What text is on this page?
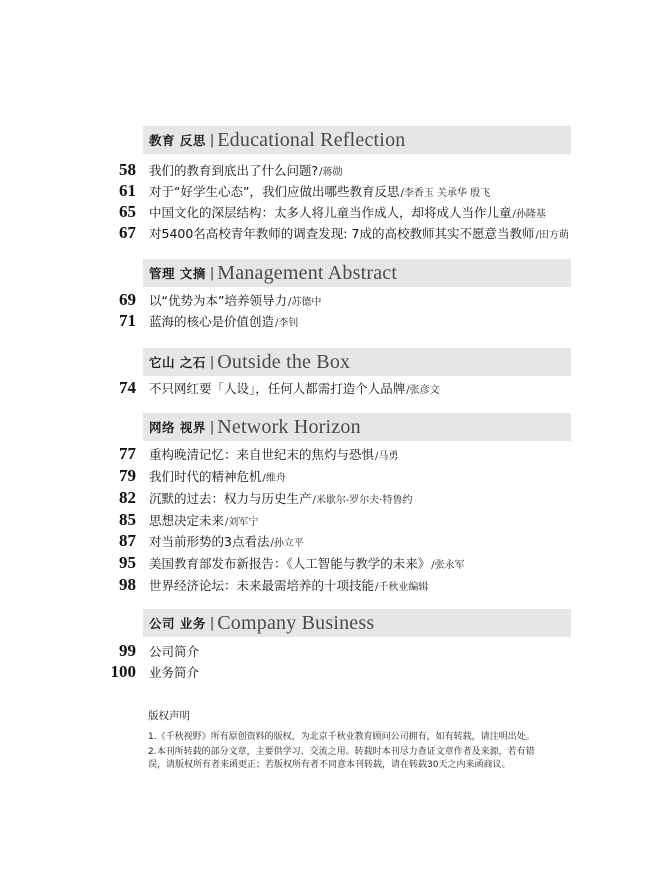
教育 反思 | Educational Reflection
58 我们的教育到底出了什么问题? /蒋勋
61 对于“好学生心态”，我们应做出哪些教育反思 /李香玉 关承华 殷飞
65 中国文化的深层结构：太多人将儿童当作成人，却将成人当作儿童 /孙隆基
67 对5400名高校青年教师的调查发现: 7成的高校教师其实不愿意当教师 /田方萌
管理 文摘 | Management Abstract
69 以“优势为本”培养领导力 /苏德中
71 蓝海的核心是价值创造 /李钊
它山 之石 | Outside the Box
74 不只网红要「人设」，任何人都需打造个人品牌 /张彦文
网络 视界 | Network Horizon
77 重构晚清记忆：来自世纪末的焦灼与恐惧 /马勇
79 我们时代的精神危机 /维舟
82 沉默的过去：权力与历史生产 /米歇尔-罗尔夫·特鲁约
85 思想决定未来 /刘军宁
87 对当前形势的3点看法 /孙立平
95 美国教育部发布新报告：《人工智能与教学的未来》 /张永军
98 世界经济论坛：未来最需培养的十项技能 /千秋业编辑
公司 业务 | Company Business
99 公司简介
100 业务简介
版权声明
1.《千秋视野》所有原创资料的版权，为北京千秋业教育顾问公司拥有，如有转载，请注明出处。
2.本刊所转载的部分文章，主要供学习、交流之用。转载时本刊尽力查证文章作者及来源，若有错误，请版权所有者来函更正；若版权所有者不同意本刊转载，请在转载30天之内来函商议。
